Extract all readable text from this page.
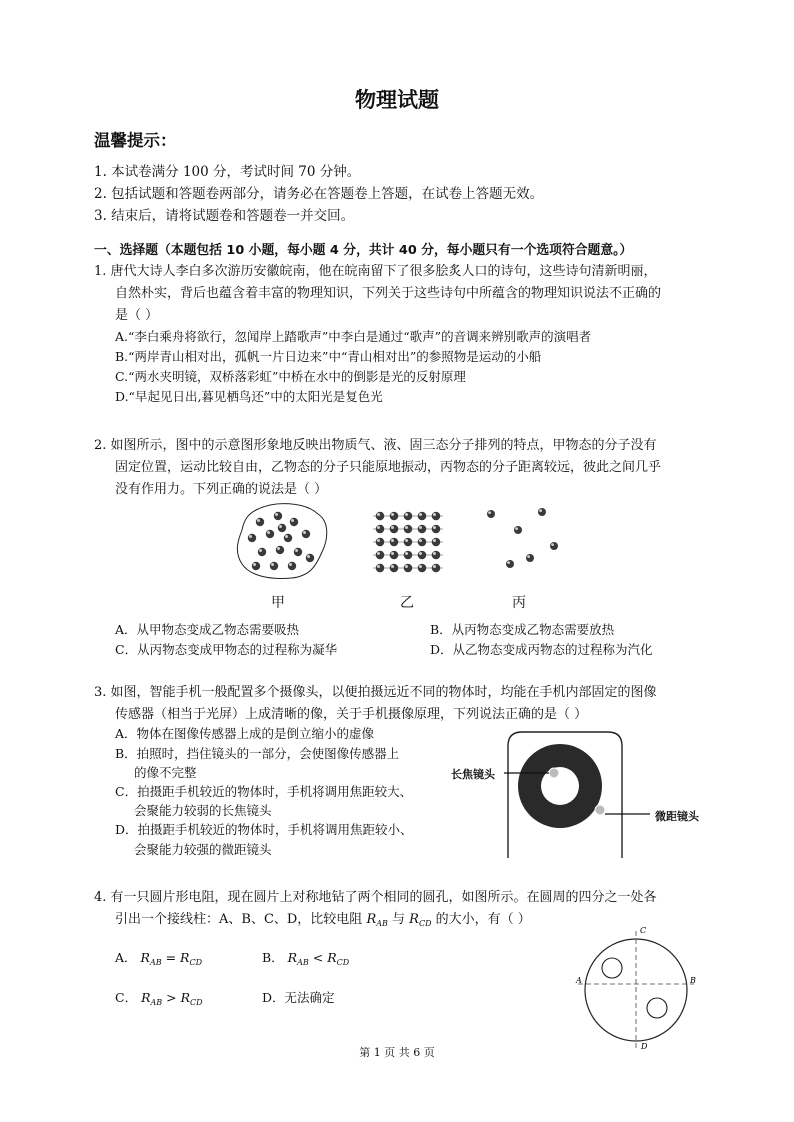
物理试题
温馨提示：
1. 本试卷满分 100 分，考试时间 70 分钟。
2. 包括试题和答题卷两部分，请务必在答题卷上答题，在试卷上答题无效。
3. 结束后，请将试题卷和答题卷一并交回。
一、选择题（本题包括 10 小题，每小题 4 分，共计 40 分，每小题只有一个选项符合题意。）
1. 唐代大诗人李白多次游历安徽皖南，他在皖南留下了很多脍炙人口的诗句，这些诗句清新明丽，
自然朴实，背后也蕴含着丰富的物理知识，下列关于这些诗句中所蕴含的物理知识说法不正确的
是（ ）
A.“李白乘舟将欲行，忽闻岸上踏歌声”中李白是通过“歌声”的音调来辨别歌声的演唱者
B.“两岸青山相对出，孤帆一片日边来”中“青山相对出”的参照物是运动的小船
C.“两水夹明镜，双桥落彩虹”中桥在水中的倒影是光的反射原理
D.“早起见日出,暮见栖鸟还”中的太阳光是复色光
2. 如图所示，图中的示意图形象地反映出物质气、液、固三态分子排列的特点，甲物态的分子没有
固定位置，运动比较自由，乙物态的分子只能原地振动，丙物态的分子距离较远，彼此之间几乎
没有作用力。下列正确的说法是（ ）
甲	乙	丙
A．从甲物态变成乙物态需要吸热	B．从丙物态变成乙物态需要放热
C．从丙物态变成甲物态的过程称为凝华	D．从乙物态变成丙物态的过程称为汽化
3. 如图，智能手机一般配置多个摄像头，以便拍摄远近不同的物体时，均能在手机内部固定的图像
传感器（相当于光屏）上成清晰的像，关于手机摄像原理，下列说法正确的是（ ）
A．物体在图像传感器上成的是倒立缩小的虚像
B．拍照时，挡住镜头的一部分，会使图像传感器上
的像不完整
C．拍摄距手机较近的物体时，手机将调用焦距较大、
会聚能力较弱的长焦镜头
D．拍摄距手机较近的物体时，手机将调用焦距较小、
会聚能力较强的微距镜头
长焦镜头
微距镜头
4. 有一只圆片形电阻，现在圆片上对称地钻了两个相同的圆孔，如图所示。在圆周的四分之一处各
引出一个接线柱：A、B、C、D，比较电阻 $R_{AB}$ 与 $R_{CD}$ 的大小，有（ ）
A． $R_{AB} = R_{CD}$	B． $R_{AB} < R_{CD}$
C． $R_{AB} > R_{CD}$	D．无法确定
C
D
A	B
第 1 页 共 6 页
